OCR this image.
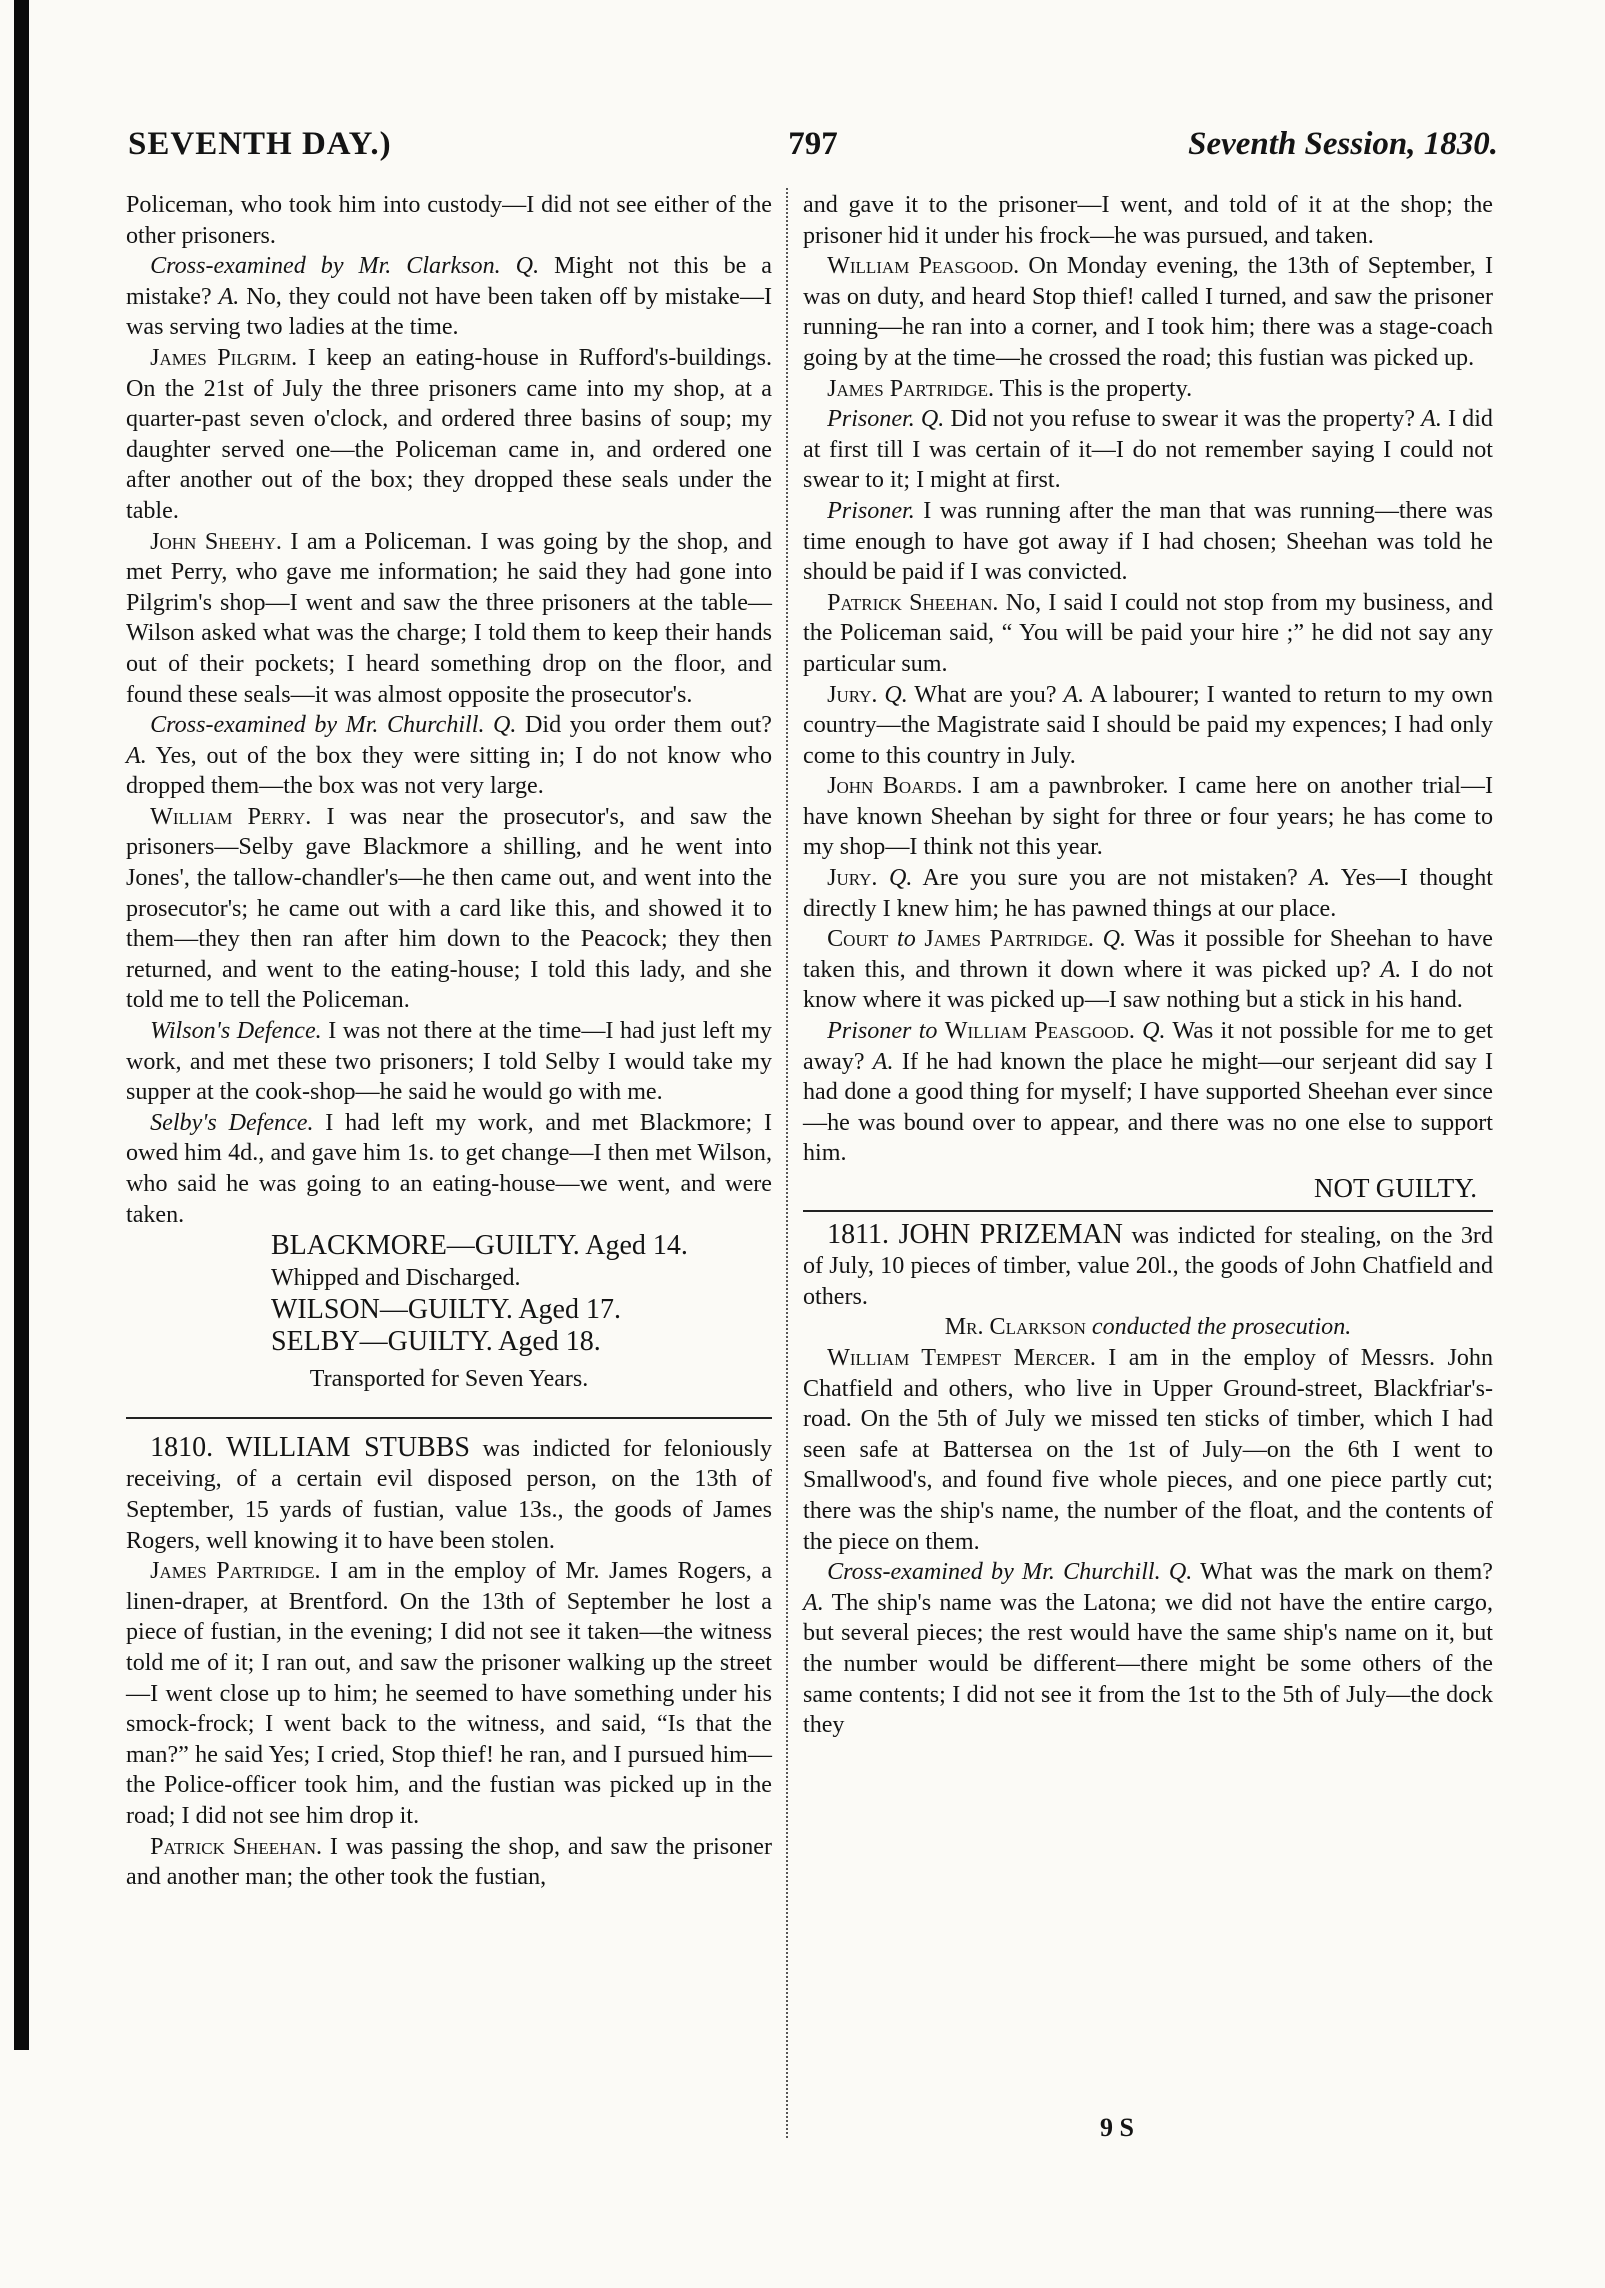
SEVENTH DAY.)	797	Seventh Session, 1830.

Policeman, who took him into custody—I did not see either of the other prisoners.

 Cross-examined by Mr. Clarkson. Q. Might not this be a mistake? A. No, they could not have been taken off by mistake—I was serving two ladies at the time.

 James Pilgrim. I keep an eating-house in Rufford's-buildings. On the 21st of July the three prisoners came into my shop, at a quarter-past seven o'clock, and ordered three basins of soup; my daughter served one—the Policeman came in, and ordered one after another out of the box; they dropped these seals under the table.

 John Sheehy. I am a Policeman. I was going by the shop, and met Perry, who gave me information; he said they had gone into Pilgrim's shop—I went and saw the three prisoners at the table—Wilson asked what was the charge; I told them to keep their hands out of their pockets; I heard something drop on the floor, and found these seals—it was almost opposite the prosecutor's.

 Cross-examined by Mr. Churchill. Q. Did you order them out? A. Yes, out of the box they were sitting in; I do not know who dropped them—the box was not very large.

 William Perry. I was near the prosecutor's, and saw the prisoners—Selby gave Blackmore a shilling, and he went into Jones', the tallow-chandler's—he then came out, and went into the prosecutor's; he came out with a card like this, and showed it to them—they then ran after him down to the Peacock; they then returned, and went to the eating-house; I told this lady, and she told me to tell the Policeman.

 Wilson's Defence. I was not there at the time—I had just left my work, and met these two prisoners; I told Selby I would take my supper at the cook-shop—he said he would go with me.

 Selby's Defence. I had left my work, and met Blackmore; I owed him 4d., and gave him 1s. to get change—I then met Wilson, who said he was going to an eating-house—we went, and were taken.

BLACKMORE—GUILTY. Aged 14.
Whipped and Discharged.
WILSON—GUILTY. Aged 17.
SELBY—GUILTY. Aged 18.
Transported for Seven Years.

 1810. WILLIAM STUBBS was indicted for feloniously receiving, of a certain evil disposed person, on the 13th of September, 15 yards of fustian, value 13s., the goods of James Rogers, well knowing it to have been stolen.

 James Partridge. I am in the employ of Mr. James Rogers, a linen-draper, at Brentford. On the 13th of September he lost a piece of fustian, in the evening; I did not see it taken—the witness told me of it; I ran out, and saw the prisoner walking up the street—I went close up to him; he seemed to have something under his smock-frock; I went back to the witness, and said, “Is that the man?” he said Yes; I cried, Stop thief! he ran, and I pursued him—the Police-officer took him, and the fustian was picked up in the road; I did not see him drop it.

 Patrick Sheehan. I was passing the shop, and saw the prisoner and another man; the other took the fustian,

and gave it to the prisoner—I went, and told of it at the shop; the prisoner hid it under his frock—he was pursued, and taken.

 William Peasgood. On Monday evening, the 13th of September, I was on duty, and heard Stop thief! called I turned, and saw the prisoner running—he ran into a corner, and I took him; there was a stage-coach going by at the time—he crossed the road; this fustian was picked up.

 James Partridge. This is the property.

 Prisoner. Q. Did not you refuse to swear it was the property? A. I did at first till I was certain of it—I do not remember saying I could not swear to it; I might at first.

 Prisoner. I was running after the man that was running—there was time enough to have got away if I had chosen; Sheehan was told he should be paid if I was convicted.

 Patrick Sheehan. No, I said I could not stop from my business, and the Policeman said, “ You will be paid your hire ;” he did not say any particular sum.

 Jury. Q. What are you? A. A labourer; I wanted to return to my own country—the Magistrate said I should be paid my expences; I had only come to this country in July.

 John Boards. I am a pawnbroker. I came here on another trial—I have known Sheehan by sight for three or four years; he has come to my shop—I think not this year.

 Jury. Q. Are you sure you are not mistaken? A. Yes—I thought directly I knew him; he has pawned things at our place.

 Court to James Partridge. Q. Was it possible for Sheehan to have taken this, and thrown it down where it was picked up? A. I do not know where it was picked up—I saw nothing but a stick in his hand.

 Prisoner to William Peasgood. Q. Was it not possible for me to get away? A. If he had known the place he might—our serjeant did say I had done a good thing for myself; I have supported Sheehan ever since—he was bound over to appear, and there was no one else to support him.

NOT GUILTY.

 1811. JOHN PRIZEMAN was indicted for stealing, on the 3rd of July, 10 pieces of timber, value 20l., the goods of John Chatfield and others.

Mr. Clarkson conducted the prosecution.

 William Tempest Mercer. I am in the employ of Messrs. John Chatfield and others, who live in Upper Ground-street, Blackfriar's-road. On the 5th of July we missed ten sticks of timber, which I had seen safe at Battersea on the 1st of July—on the 6th I went to Smallwood's, and found five whole pieces, and one piece partly cut; there was the ship's name, the number of the float, and the contents of the piece on them.

 Cross-examined by Mr. Churchill. Q. What was the mark on them? A. The ship's name was the Latona; we did not have the entire cargo, but several pieces; the rest would have the same ship's name on it, but the number would be different—there might be some others of the same contents; I did not see it from the 1st to the 5th of July—the dock they

9 S
